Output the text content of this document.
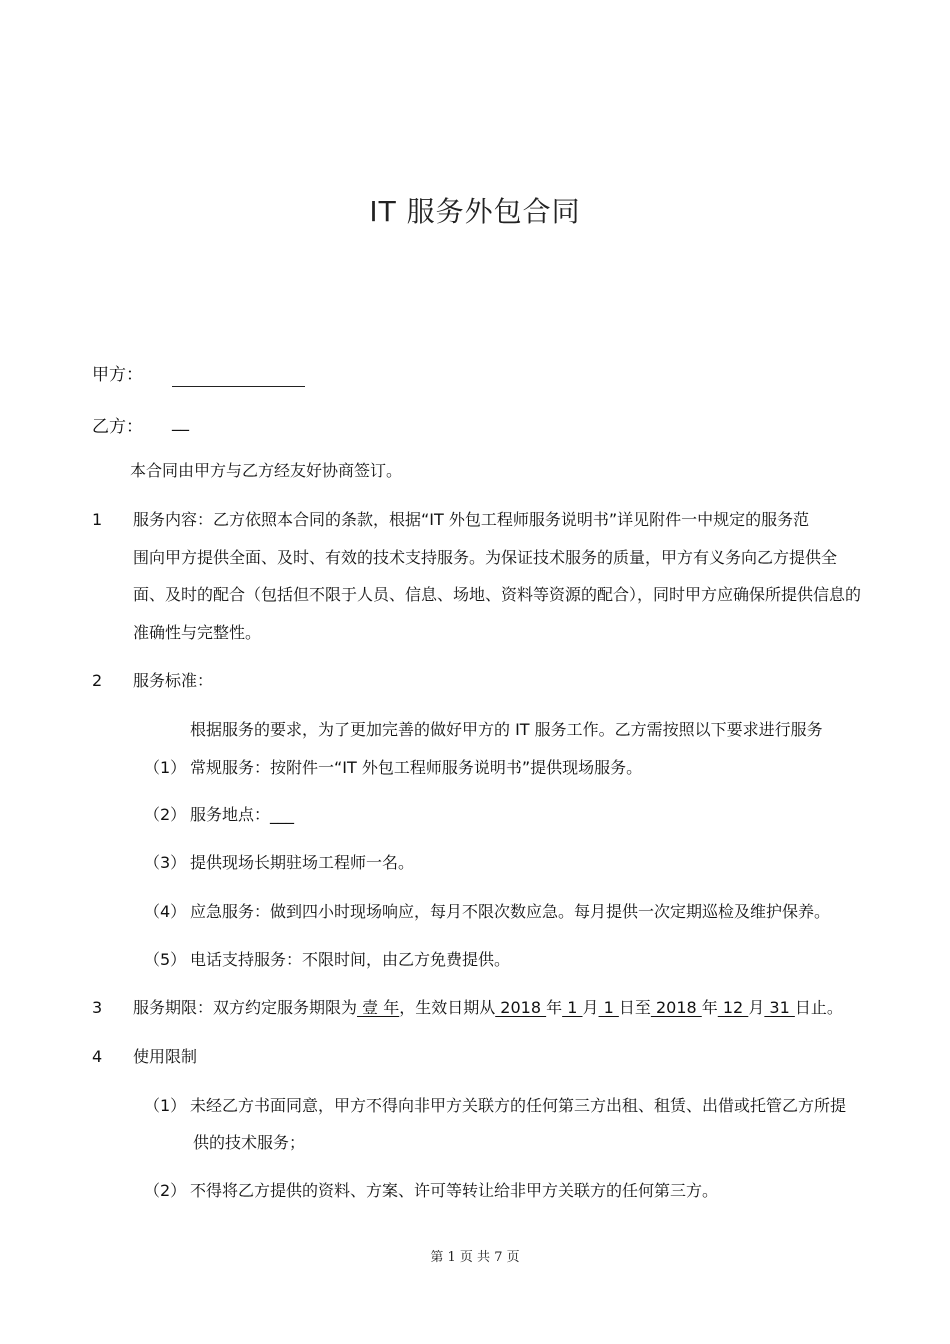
IT 服务外包合同
甲方：
乙方： __
本合同由甲方与乙方经友好协商签订。
1 服务内容：乙方依照本合同的条款，根据“IT 外包工程师服务说明书”详见附件一中规定的服务范
围向甲方提供全面、及时、有效的技术支持服务。为保证技术服务的质量，甲方有义务向乙方提供全
面、及时的配合（包括但不限于人员、信息、场地、资料等资源的配合），同时甲方应确保所提供信息的
准确性与完整性。
2 服务标准：
根据服务的要求，为了更加完善的做好甲方的 IT 服务工作。乙方需按照以下要求进行服务
（1） 常规服务：按附件一“IT 外包工程师服务说明书”提供现场服务。
（2） 服务地点：___
（3） 提供现场长期驻场工程师一名。
（4） 应急服务：做到四小时现场响应，每月不限次数应急。每月提供一次定期巡检及维护保养。
（5） 电话支持服务：不限时间，由乙方免费提供。
3 服务期限：双方约定服务期限为 壹 年，生效日期从 2018 年 1 月 1 日至 2018 年 12 月 31 日止。
4 使用限制
（1） 未经乙方书面同意，甲方不得向非甲方关联方的任何第三方出租、租赁、出借或托管乙方所提
供的技术服务；
（2） 不得将乙方提供的资料、方案、许可等转让给非甲方关联方的任何第三方。
第 1 页 共 7 页
